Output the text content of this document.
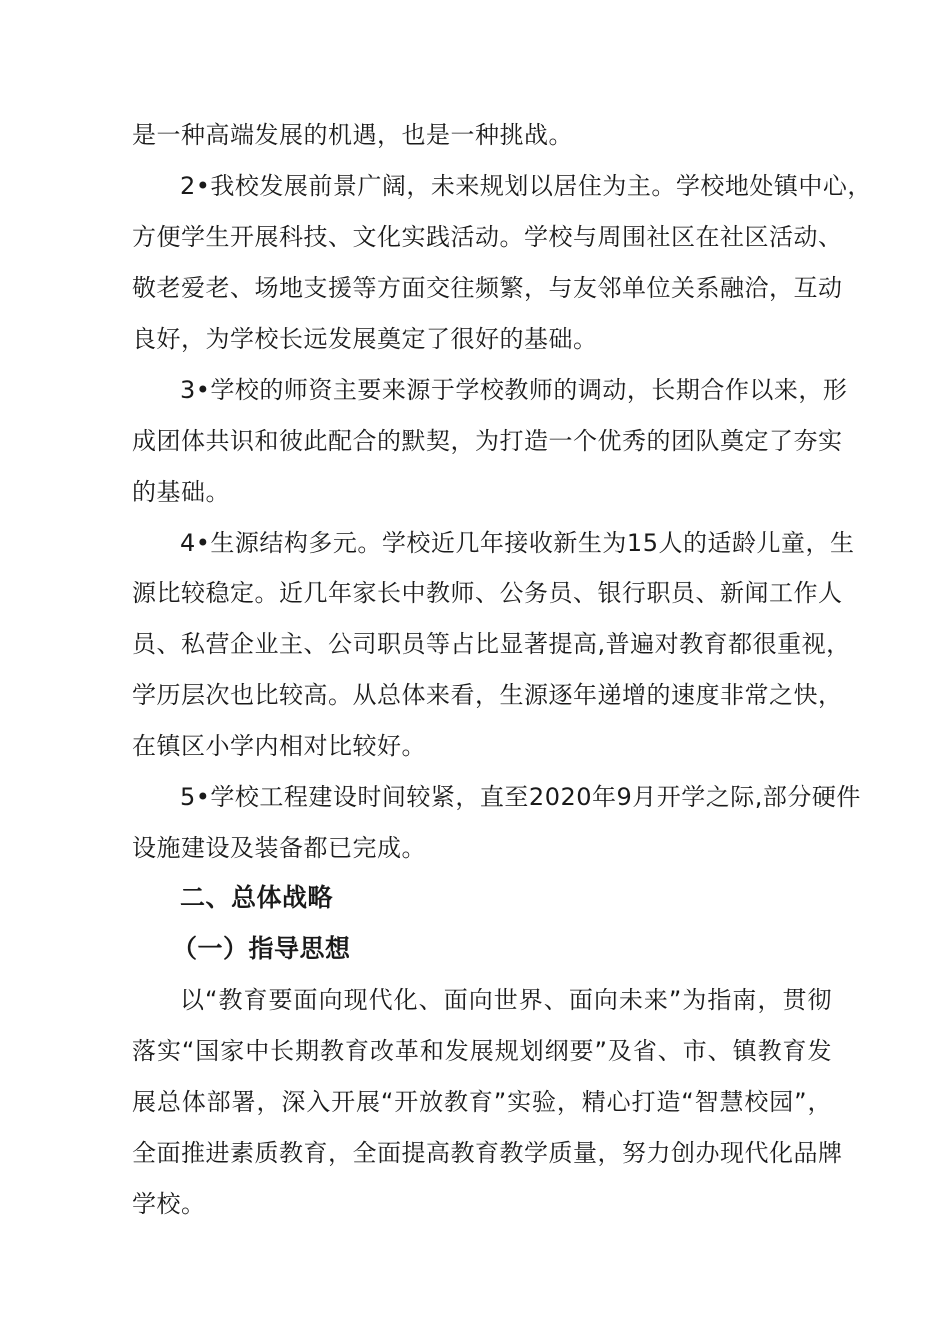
是一种高端发展的机遇，也是一种挑战。
2•我校发展前景广阔，未来规划以居住为主。学校地处镇中心，
方便学生开展科技、文化实践活动。学校与周围社区在社区活动、
敬老爱老、场地支援等方面交往频繁，与友邻单位关系融洽，互动
良好，为学校长远发展奠定了很好的基础。
3•学校的师资主要来源于学校教师的调动，长期合作以来，形
成团体共识和彼此配合的默契，为打造一个优秀的团队奠定了夯实
的基础。
4•生源结构多元。学校近几年接收新生为15人的适龄儿童，生
源比较稳定。近几年家长中教师、公务员、银行职员、新闻工作人
员、私营企业主、公司职员等占比显著提高,普遍对教育都很重视，
学历层次也比较高。从总体来看，生源逐年递增的速度非常之快，
在镇区小学内相对比较好。
5•学校工程建设时间较紧，直至2020年9月开学之际,部分硬件
设施建设及装备都已完成。
二、总体战略
（一）指导思想
以“教育要面向现代化、面向世界、面向未来”为指南，贯彻
落实“国家中长期教育改革和发展规划纲要”及省、市、镇教育发
展总体部署，深入开展“开放教育”实验，精心打造“智慧校园”，
全面推进素质教育，全面提高教育教学质量，努力创办现代化品牌
学校。
